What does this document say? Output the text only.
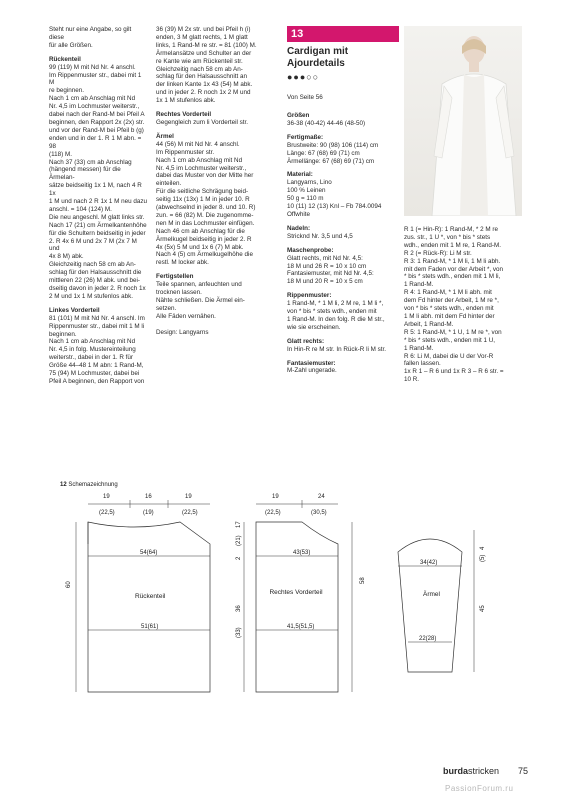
Steht nur eine Angabe, so gilt diese
für alle Größen.

Rückenteil

99 (119) M mit Nd Nr. 4 anschl.
Im Rippenmuster str., dabei mit 1 M
re beginnen.
Nach 1 cm ab Anschlag mit Nd
Nr. 4,5 im Lochmuster weiterstr.,
dabei nach der Rand-M bei Pfeil A
beginnen, den Rapport 2x (2x) str.
und vor der Rand-M bei Pfeil b (g)
enden und in der 1. R 1 M abn. = 98
(118) M.
Nach 37 (33) cm ab Anschlag
(hängend messen) für die Ärmelan-
sätze beidseitig 1x 1 M, nach 4 R 1x
1 M und nach 2 R 1x 1 M neu dazu
anschl. = 104 (124) M.
Die neu angeschl. M glatt links str.
Nach 17 (21) cm Ärmelkantenhöhe
für die Schultern beidseitig in jeder
2. R 4x 6 M und 2x 7 M (2x 7 M und
4x 8 M) abk.
Gleichzeitig nach 58 cm ab An-
schlag für den Halsausschnitt die
mittleren 22 (26) M abk. und bei-
dseitig davon in jeder 2. R noch 1x
2 M und 1x 1 M stufenlos abk.

Linkes Vorderteil

81 (101) M mit Nd Nr. 4 anschl. Im
Rippenmuster str., dabei mit 1 M li
beginnen.
Nach 1 cm ab Anschlag mit Nd
Nr. 4,5 in folg. Mustereinteilung
weiterstr., dabei in der 1. R für
Größe 44–48 1 M abn: 1 Rand-M,
75 (94) M Lochmuster, dabei bei
Pfeil A beginnen, den Rapport von

36 (39) M 2x str. und bei Pfeil h (i)
enden, 3 M glatt rechts, 1 M glatt
links, 1 Rand-M re str. = 81 (100) M.
Ärmelansätze und Schulter an der
re Kante wie am Rückenteil str.
Gleichzeitig nach 58 cm ab An-
schlag für den Halsausschnitt an
der linken Kante 1x 43 (54) M abk.
und in jeder 2. R noch 1x 2 M und
1x 1 M stufenlos abk.

Rechtes Vorderteil

Gegengleich zum li Vorderteil str.

Ärmel

44 (56) M mit Nd Nr. 4 anschl.
Im Rippenmuster str.
Nach 1 cm ab Anschlag mit Nd
Nr. 4,5 im Lochmuster weiterstr.,
dabei das Muster von der Mitte her
einteilen.
Für die seitliche Schrägung beid-
seitig 11x (13x) 1 M in jeder 10. R
(abwechselnd in jeder 8. und 10. R)
zun. = 66 (82) M. Die zugenomme-
nen M in das Lochmuster einfügen.
Nach 46 cm ab Anschlag für die
Ärmelkugel beidseitig in jeder 2. R
4x (5x) 5 M und 1x 6 (7) M abk.
Nach 4 (5) cm Ärmelkugelhöhe die
restl. M locker abk.

Fertigstellen

Teile spannen, anfeuchten und
trocknen lassen.
Nähte schließen. Die Ärmel ein-
setzen.
Alle Fäden vernähen.

Design: Langyarns

13
Cardigan mit
Ajourdetails
●●●○○
Von Seite 56

Größen

36-38 (40-42) 44-46 (48-50)

Fertigmaße:

Brustweite: 90 (98) 106 (114) cm
Länge: 67 (68) 69 (71) cm
Ärmellänge: 67 (68) 69 (71) cm

Material:

Langyarns, Lino
100 % Leinen
50 g = 110 m
10 (11) 12 (13) Knl – Fb 784.0094
Offwhite

Nadeln:

Stricknd Nr. 3,5 und 4,5

Maschenprobe:

Glatt rechts, mit Nd Nr. 4,5:
18 M und 26 R = 10 x 10 cm
Fantasiemuster, mit Nd Nr. 4,5:
18 M und 20 R = 10 x 5 cm

Rippenmuster:

1 Rand-M, * 1 M li, 2 M re, 1 M li *,
von * bis * stets wdh., enden mit
1 Rand-M. In den folg. R die M str.,
wie sie erscheinen.

Glatt rechts:

In Hin-R re M str. In Rück-R li M str.

Fantasiemuster:

M-Zahl ungerade.

R 1 (= Hin-R): 1 Rand-M, * 2 M re
zus. str., 1 U *, von * bis * stets
wdh., enden mit 1 M re, 1 Rand-M.
R 2 (= Rück-R): Li M str.
R 3: 1 Rand-M, * 1 M li, 1 M li abh.
mit dem Faden vor der Arbeit *, von
* bis * stets wdh., enden mit 1 M li,
1 Rand-M.
R 4: 1 Rand-M, * 1 M li abh. mit
dem Fd hinter der Arbeit, 1 M re *,
von * bis * stets wdh., enden mit
1 M li abh. mit dem Fd hinter der
Arbeit, 1 Rand-M.
R 5: 1 Rand-M, * 1 U, 1 M re *, von
* bis * stets wdh., enden mit 1 U,
1 Rand-M.
R 6: Li M, dabei die U der Vor-R
fallen lassen.
1x R 1 – R 6 und 1x R 3 – R 6 str. =
10 R.

12 Schemazeichnung
19	16	19
(22,5)	(19)	(22,5)
54(64)
Rückenteil
51(61)
60
19	24
(22,5)	(30,5)
43(53)
Rechtes Vorderteil
41,5(51,5)
17
(21)
2
36
(33)
58
34(42)
Ärmel
22(28)
4
(5)
45
burdastricken 75
PassionForum.ru
